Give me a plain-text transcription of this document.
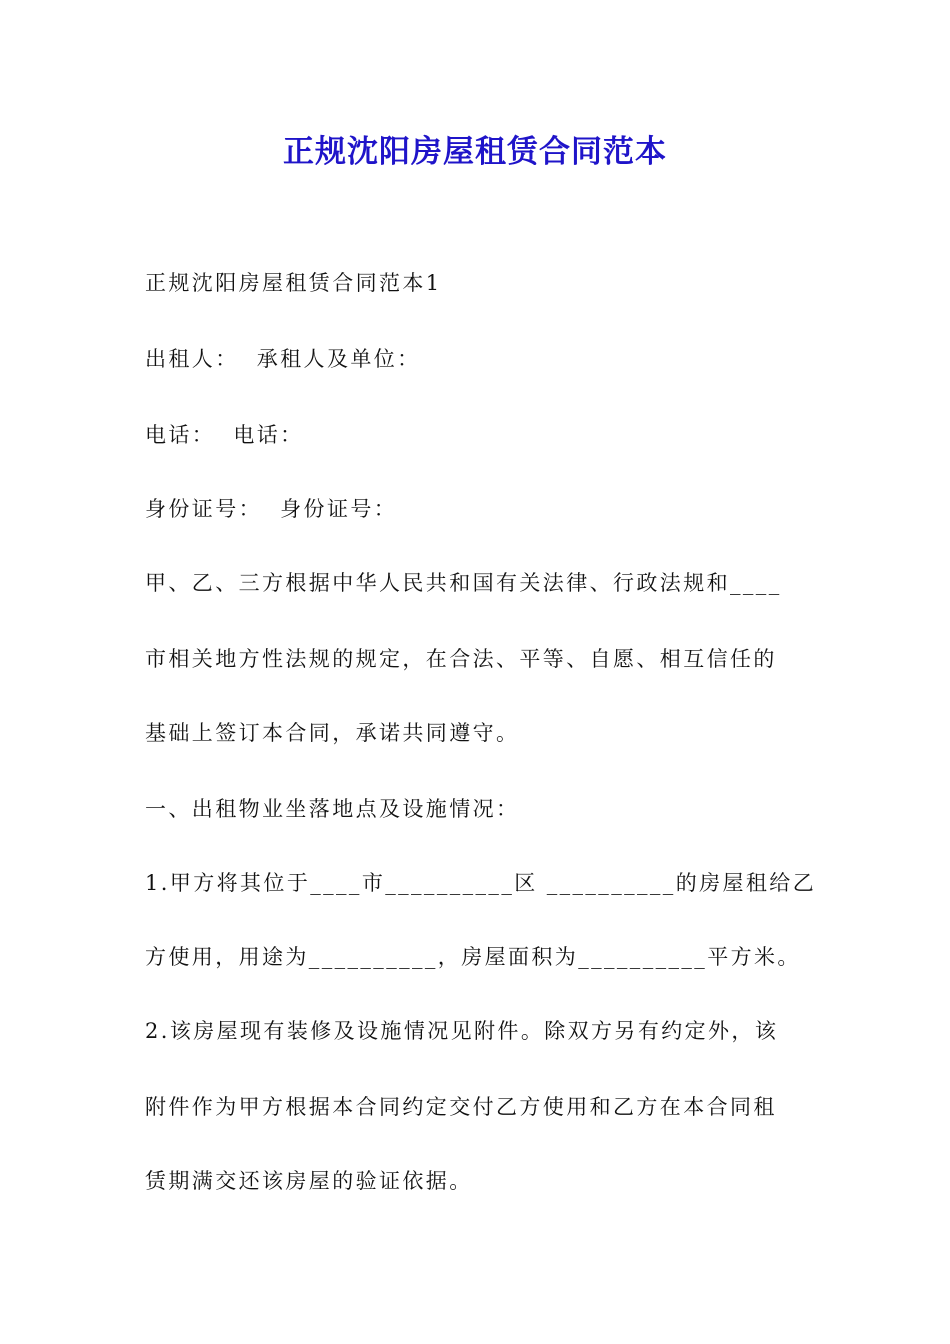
正规沈阳房屋租赁合同范本

正规沈阳房屋租赁合同范本1

出租人：  承租人及单位：

电话：  电话：

身份证号：  身份证号：

甲、乙、三方根据中华人民共和国有关法律、行政法规和____

市相关地方性法规的规定，在合法、平等、自愿、相互信任的

基础上签订本合同，承诺共同遵守。

一、出租物业坐落地点及设施情况：

1.甲方将其位于____市__________区 __________的房屋租给乙

方使用，用途为__________，房屋面积为__________平方米。

2.该房屋现有装修及设施情况见附件。除双方另有约定外，该

附件作为甲方根据本合同约定交付乙方使用和乙方在本合同租

赁期满交还该房屋的验证依据。
